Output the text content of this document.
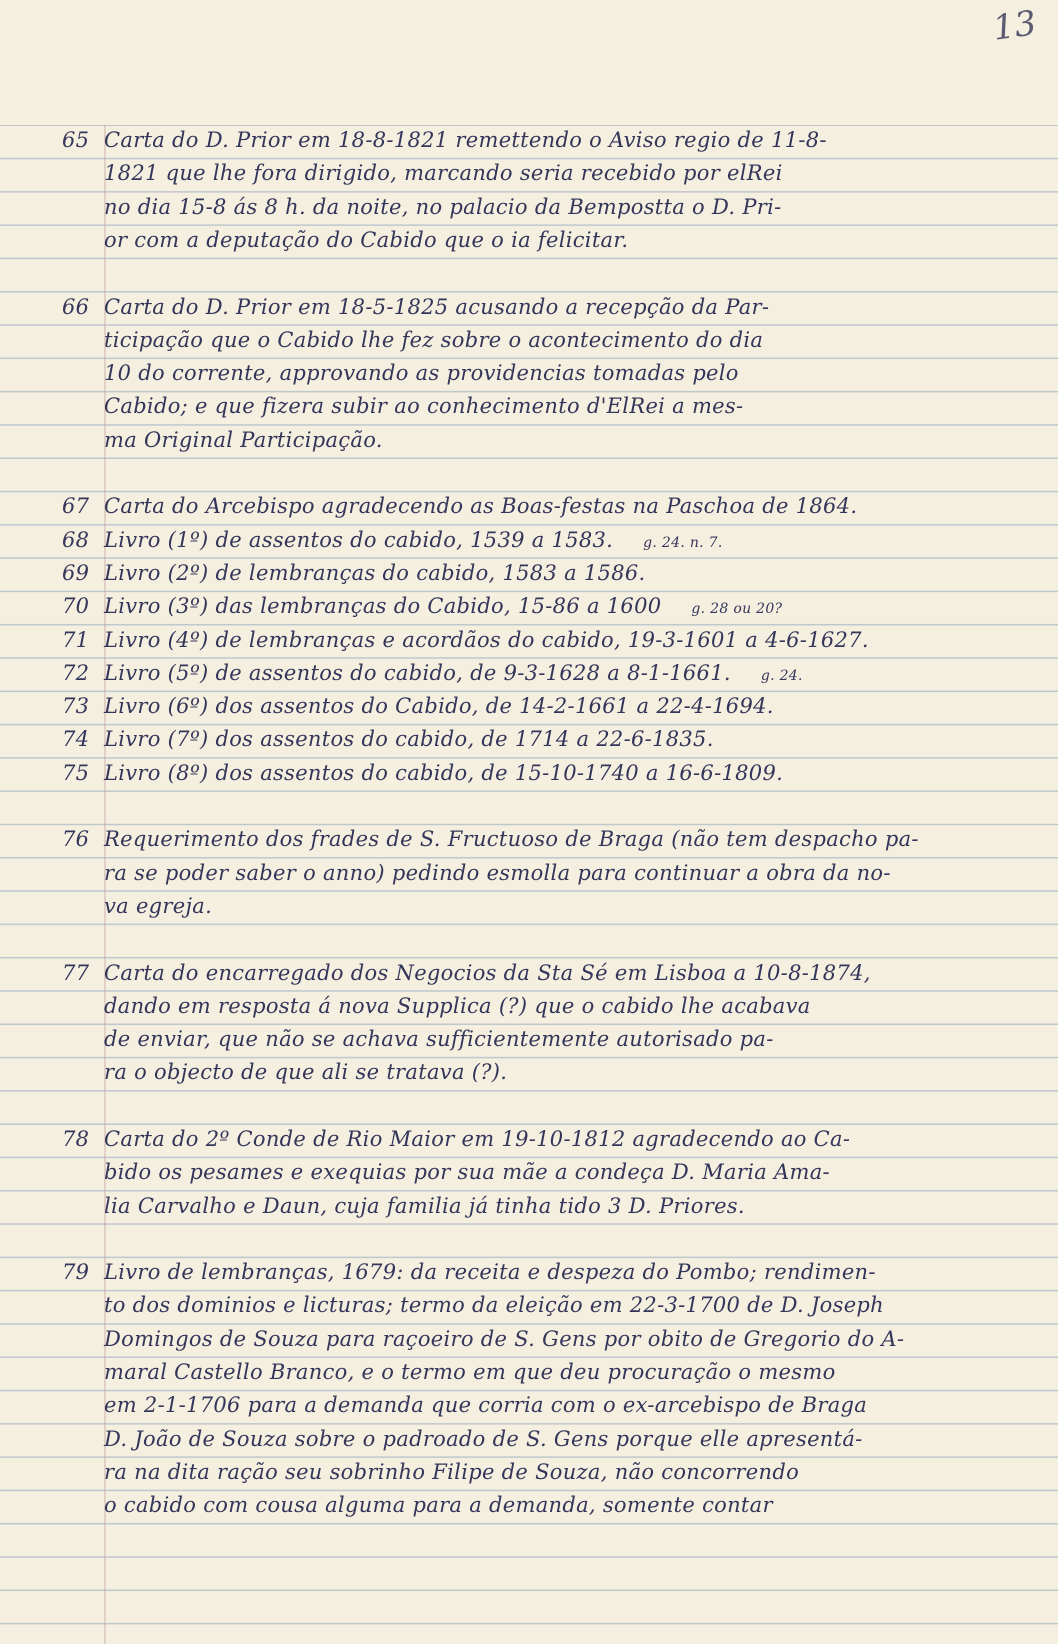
13
65 Carta do D. Prior em 18-8-1821 remettendo o Aviso regio de 11-8-
1821 que lhe fora dirigido, marcando seria recebido por elRei
no dia 15-8 ás 8 h. da noite, no palacio da Bempostta o D. Pri-
or com a deputação do Cabido que o ia felicitar.
66 Carta do D. Prior em 18-5-1825 acusando a recepção da Par-
ticipação que o Cabido lhe fez sobre o acontecimento do dia
10 do corrente, approvando as providencias tomadas pelo
Cabido; e que fizera subir ao conhecimento d'ElRei a mes-
ma Original Participação.
67 Carta do Arcebispo agradecendo as Boas-festas na Paschoa de 1864.
68 Livro (1º) de assentos do cabido, 1539 a 1583. g. 24. n. 7.
69 Livro (2º) de lembranças do cabido, 1583 a 1586.
70 Livro (3º) das lembranças do Cabido, 15-86 a 1600 g. 28 ou 20?
71 Livro (4º) de lembranças e acordãos do cabido, 19-3-1601 a 4-6-1627.
72 Livro (5º) de assentos do cabido, de 9-3-1628 a 8-1-1661. g. 24.
73 Livro (6º) dos assentos do Cabido, de 14-2-1661 a 22-4-1694.
74 Livro (7º) dos assentos do cabido, de 1714 a 22-6-1835.
75 Livro (8º) dos assentos do cabido, de 15-10-1740 a 16-6-1809.
76 Requerimento dos frades de S. Fructuoso de Braga (não tem despacho pa-
ra se poder saber o anno) pedindo esmolla para continuar a obra da no-
va egreja.
77 Carta do encarregado dos Negocios da Sta Sé em Lisboa a 10-8-1874,
dando em resposta á nova Supplica (?) que o cabido lhe acabava
de enviar, que não se achava sufficientemente autorisado pa-
ra o objecto de que ali se tratava (?).
78 Carta do 2º Conde de Rio Maior em 19-10-1812 agradecendo ao Ca-
bido os pesames e exequias por sua mãe a condeça D. Maria Ama-
lia Carvalho e Daun, cuja familia já tinha tido 3 D. Priores.
79 Livro de lembranças, 1679: da receita e despeza do Pombo; rendimen-
to dos dominios e licturas; termo da eleição em 22-3-1700 de D. Joseph
Domingos de Souza para raçoeiro de S. Gens por obito de Gregorio do A-
maral Castello Branco, e o termo em que deu procuração o mesmo
em 2-1-1706 para a demanda que corria com o ex-arcebispo de Braga
D. João de Souza sobre o padroado de S. Gens porque elle apresentá-
ra na dita ração seu sobrinho Filipe de Souza, não concorrendo
o cabido com cousa alguma para a demanda, somente contar
